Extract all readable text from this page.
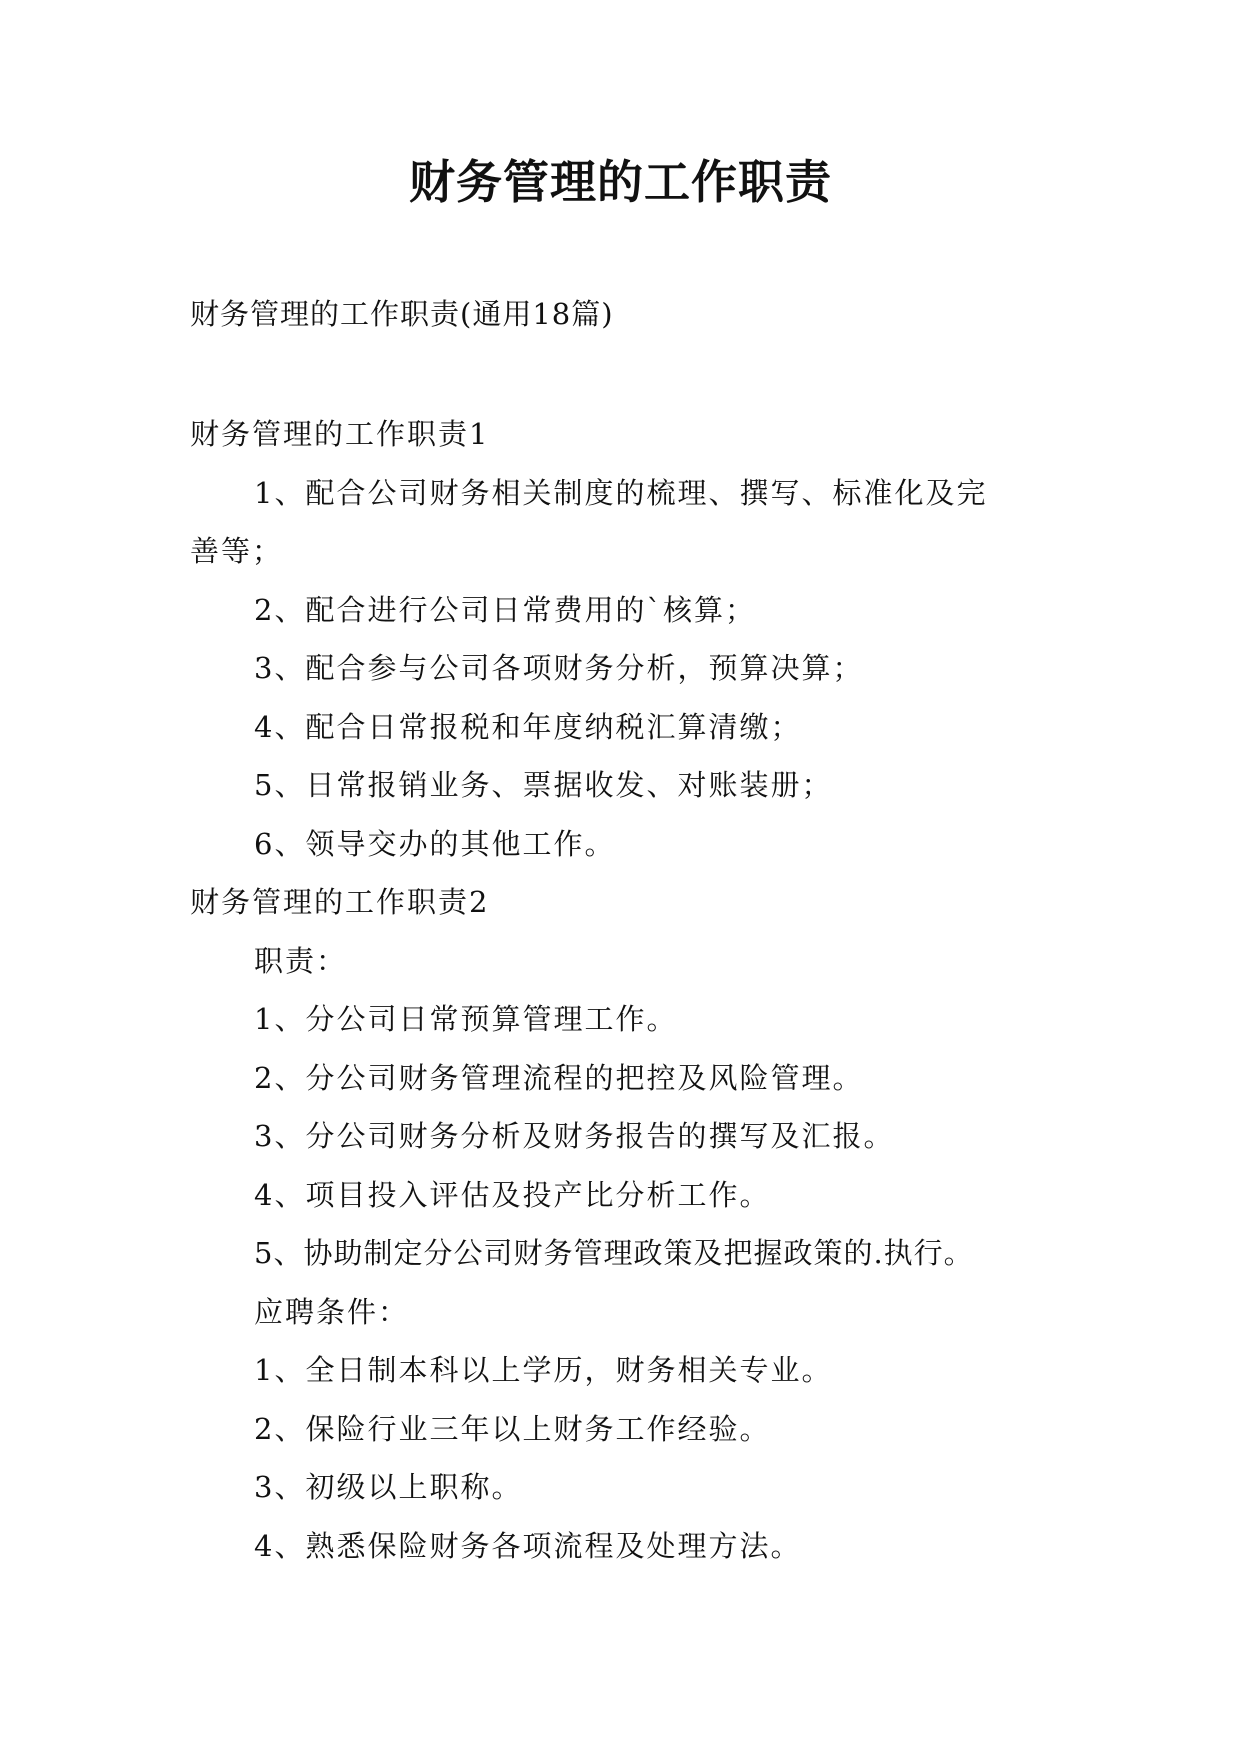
财务管理的工作职责

财务管理的工作职责(通用18篇)

财务管理的工作职责1

1、配合公司财务相关制度的梳理、撰写、标准化及完

善等；

2、配合进行公司日常费用的`核算；

3、配合参与公司各项财务分析，预算决算；

4、配合日常报税和年度纳税汇算清缴；

5、日常报销业务、票据收发、对账装册；

6、领导交办的其他工作。

财务管理的工作职责2

职责：

1、分公司日常预算管理工作。

2、分公司财务管理流程的把控及风险管理。

3、分公司财务分析及财务报告的撰写及汇报。

4、项目投入评估及投产比分析工作。

5、协助制定分公司财务管理政策及把握政策的.执行。

应聘条件：

1、全日制本科以上学历，财务相关专业。

2、保险行业三年以上财务工作经验。

3、初级以上职称。

4、熟悉保险财务各项流程及处理方法。
